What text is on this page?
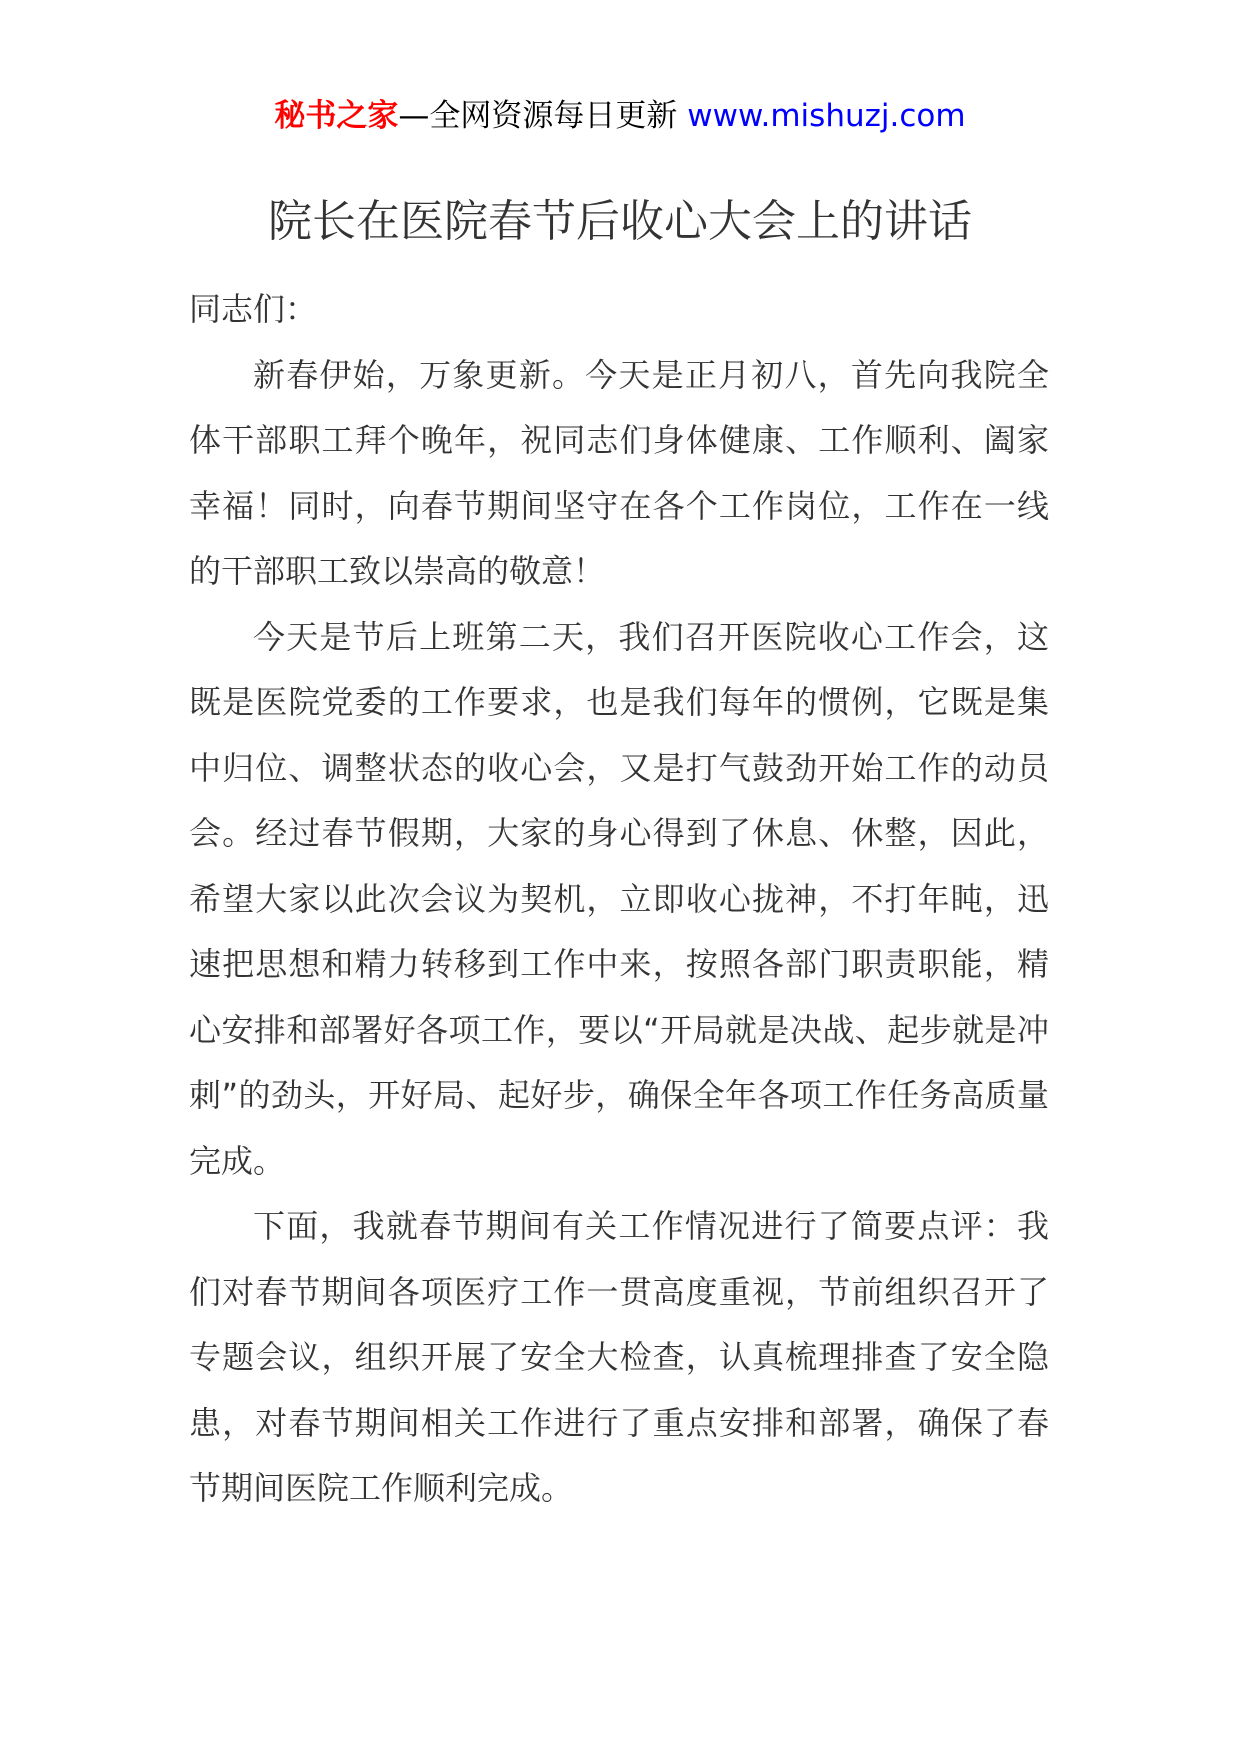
秘书之家—全网资源每日更新 www.mishuzj.com
院长在医院春节后收心大会上的讲话

同志们：

新春伊始，万象更新。今天是正月初八，首先向我院全体干部职工拜个晚年，祝同志们身体健康、工作顺利、阖家幸福！同时，向春节期间坚守在各个工作岗位，工作在一线的干部职工致以崇高的敬意！

今天是节后上班第二天，我们召开医院收心工作会，这既是医院党委的工作要求，也是我们每年的惯例，它既是集中归位、调整状态的收心会，又是打气鼓劲开始工作的动员会。经过春节假期，大家的身心得到了休息、休整，因此，希望大家以此次会议为契机，立即收心拢神，不打年盹，迅速把思想和精力转移到工作中来，按照各部门职责职能，精心安排和部署好各项工作，要以“开局就是决战、起步就是冲刺”的劲头，开好局、起好步，确保全年各项工作任务高质量完成。

下面，我就春节期间有关工作情况进行了简要点评：我们对春节期间各项医疗工作一贯高度重视，节前组织召开了专题会议，组织开展了安全大检查，认真梳理排查了安全隐患，对春节期间相关工作进行了重点安排和部署，确保了春节期间医院工作顺利完成。
